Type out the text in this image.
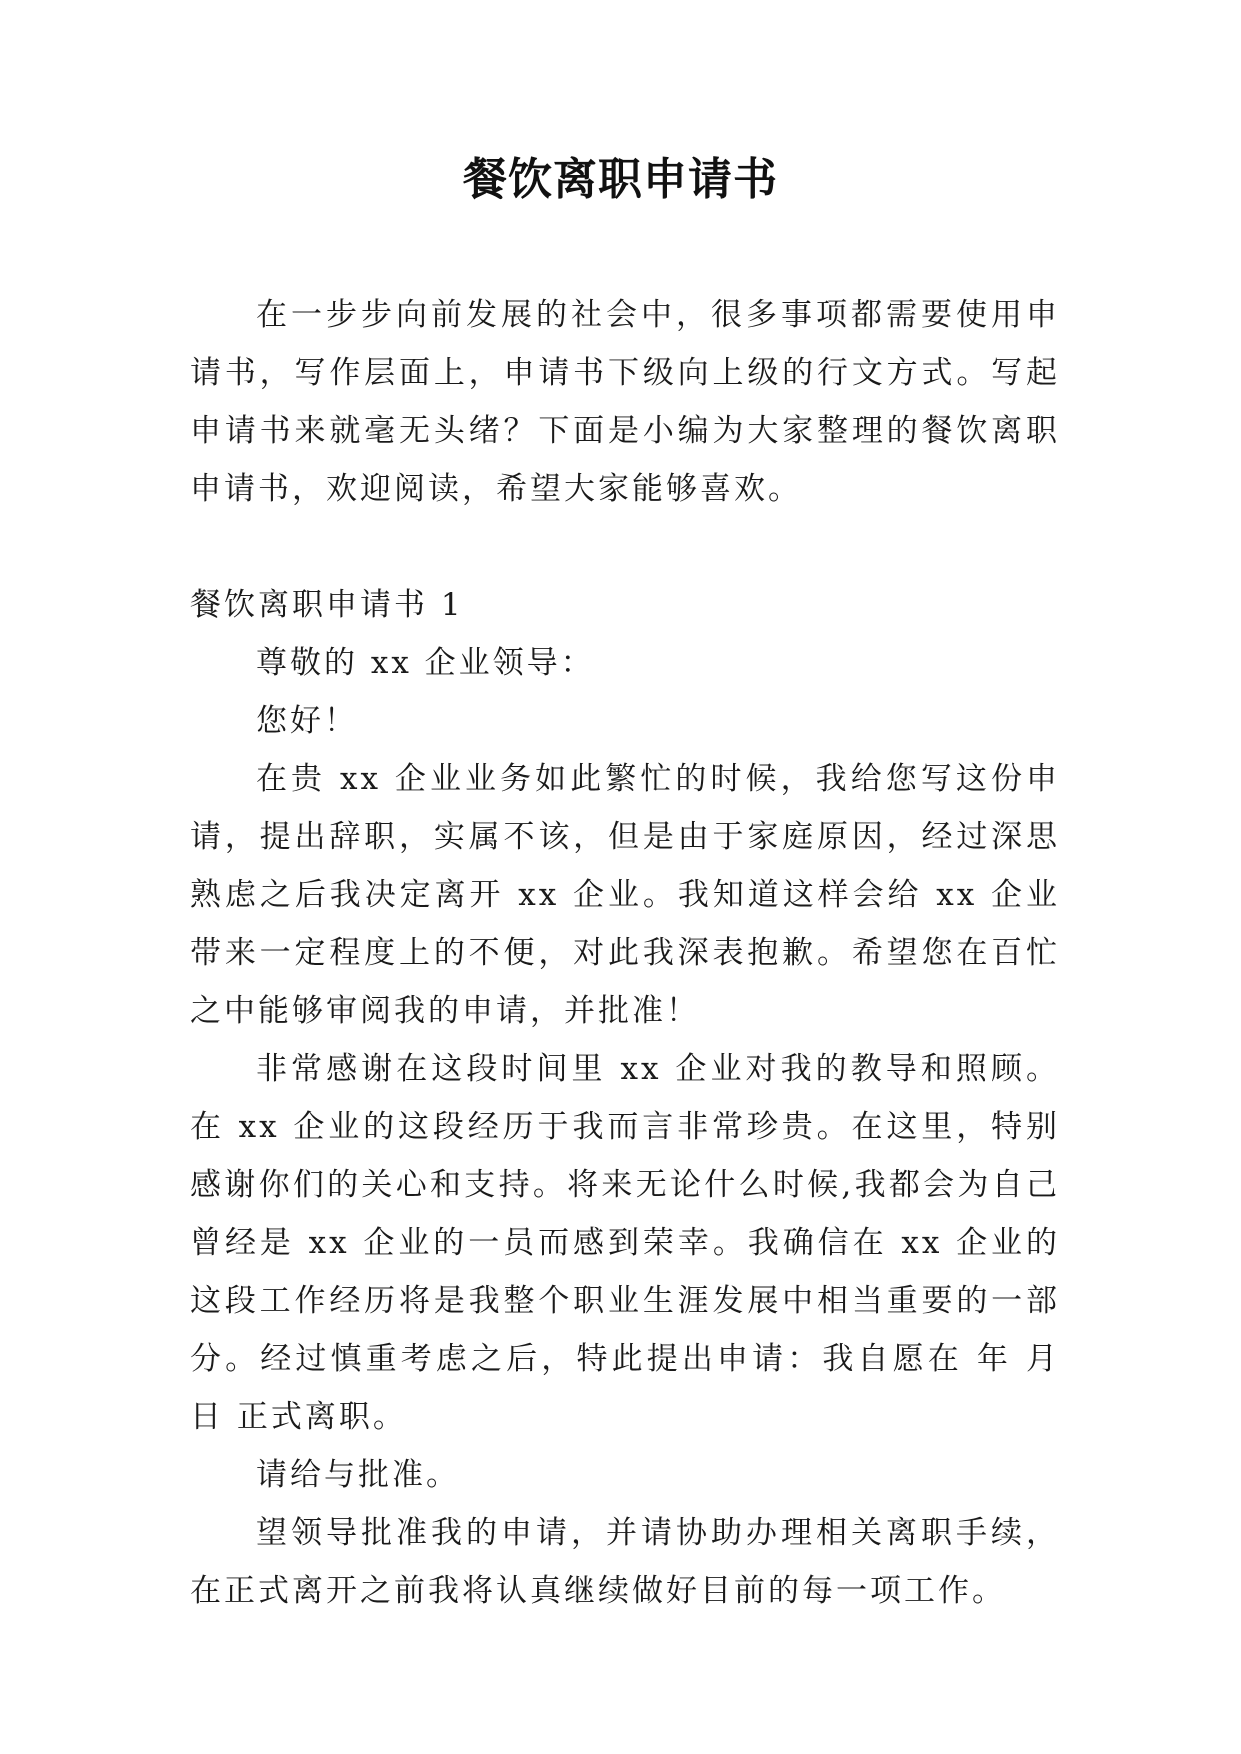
餐饮离职申请书

在一步步向前发展的社会中，很多事项都需要使用申请书，写作层面上，申请书下级向上级的行文方式。写起申请书来就毫无头绪？下面是小编为大家整理的餐饮离职申请书，欢迎阅读，希望大家能够喜欢。

餐饮离职申请书 1

尊敬的 xx 企业领导：

您好！

在贵 xx 企业业务如此繁忙的时候，我给您写这份申请，提出辞职，实属不该，但是由于家庭原因，经过深思熟虑之后我决定离开 xx 企业。我知道这样会给 xx 企业带来一定程度上的不便，对此我深表抱歉。希望您在百忙之中能够审阅我的申请，并批准！

非常感谢在这段时间里 xx 企业对我的教导和照顾。在 xx 企业的这段经历于我而言非常珍贵。在这里，特别感谢你们的关心和支持。将来无论什么时候,我都会为自己曾经是 xx 企业的一员而感到荣幸。我确信在 xx 企业的这段工作经历将是我整个职业生涯发展中相当重要的一部分。经过慎重考虑之后，特此提出申请：我自愿在 年 月 日 正式离职。

请给与批准。

望领导批准我的申请，并请协助办理相关离职手续，在正式离开之前我将认真继续做好目前的每一项工作。
